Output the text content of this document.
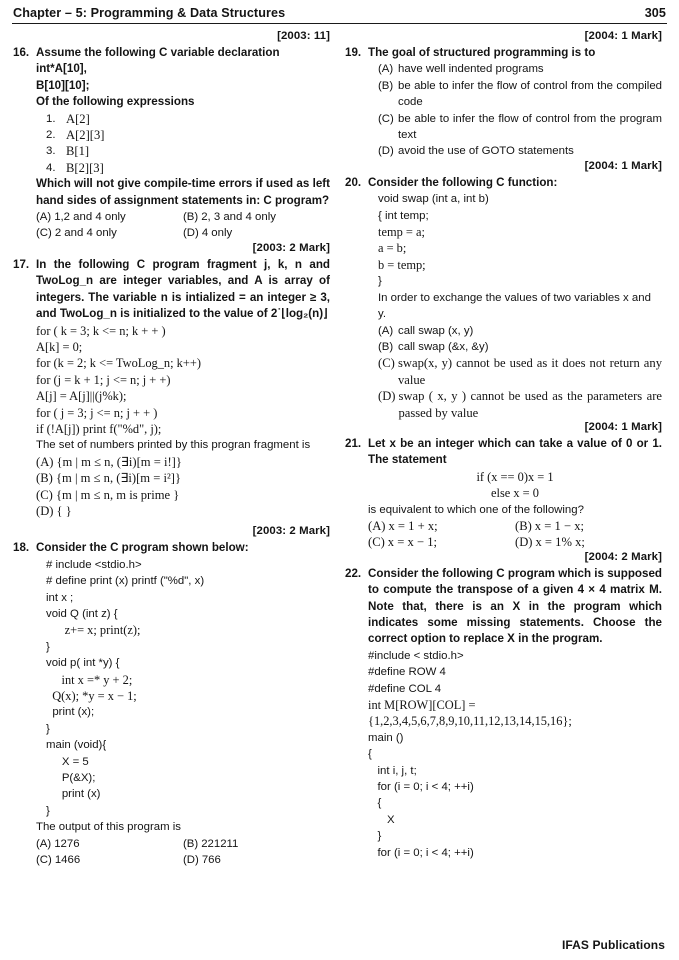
Chapter – 5: Programming & Data Structures	305
[2003: 11]
16. Assume the following C variable declaration int*A[10],
B[10][10];
Of the following expressions
1. A[2]
2. A[2][3]
3. B[1]
4. B[2][3]
Which will not give compile-time errors if used as left hand sides of assignment statements in: C program?
(A) 1,2 and 4 only	(B) 2, 3 and 4 only
(C) 2 and 4 only	(D) 4 only
[2003: 2 Mark]
17. In the following C program fragment j, k, n and TwoLog_n are integer variables, and A is array of integers. The variable n is intialized = an integer ≥ 3, and TwoLog_n is initialized to the value of 2˙⌊log₂(n)⌋
for ( k = 3; k <= n; k + + )
A[k] = 0;
for (k = 2; k <= TwoLog_n; k++)
for (j = k + 1; j <= n; j + +)
A[j] = A[j]||(j%k);
for ( j = 3; j <= n; j + + )
if (!A[j]) print f("%d", j);
The set of numbers printed by this progran fragment is
(A) {m | m ≤ n, (∃i)[m = i!]}
(B) {m | m ≤ n, (∃i)[m = i²]}
(C) {m | m ≤ n, m is prime }
(D) { }
[2003: 2 Mark]
18. Consider the C program shown below:
# include <stdio.h>
# define print (x) printf ("%d", x)
int x ;
void Q (int z) {
z+= x; print(z);
}
void p( int *y) {
int x =* y + 2;
Q(x); *y = x − 1;
print (x);
}
main (void){
X = 5
P(&X);
print (x)
}
The output of this program is
(A) 1276	(B) 221211
(C) 1466	(D) 766
[2004: 1 Mark]
19. The goal of structured programming is to
(A) have well indented programs
(B) be able to infer the flow of control from the compiled code
(C) be able to infer the flow of control from the program text
(D) avoid the use of GOTO statements
[2004: 1 Mark]
20. Consider the following C function:
void swap (int a, int b)
{ int temp;
temp = a;
a = b;
b = temp;
}
In order to exchange the values of two variables x and y.
(A) call swap (x, y)
(B) call swap (&x, &y)
(C) swap(x, y) cannot be used as it does not return any value
(D) swap ( x, y ) cannot be used as the parameters are passed by value
[2004: 1 Mark]
21. Let x be an integer which can take a value of 0 or 1. The statement
if (x == 0)x = 1
else x = 0
is equivalent to which one of the following?
(A) x = 1 + x;	(B) x = 1 − x;
(C) x = x − 1;	(D) x = 1% x;
[2004: 2 Mark]
22. Consider the following C program which is supposed to compute the transpose of a given 4 × 4 matrix M. Note that, there is an X in the program which indicates some missing statements. Choose the correct option to replace X in the program.
#include < stdio.h>
#define ROW 4
#define COL 4
int M[ROW][COL] =
{1,2,3,4,5,6,7,8,9,10,11,12,13,14,15,16};
main ()
{
int i, j, t;
for (i = 0; i < 4; ++i)
{
X
}
for (i = 0; i < 4; ++i)
IFAS Publications
